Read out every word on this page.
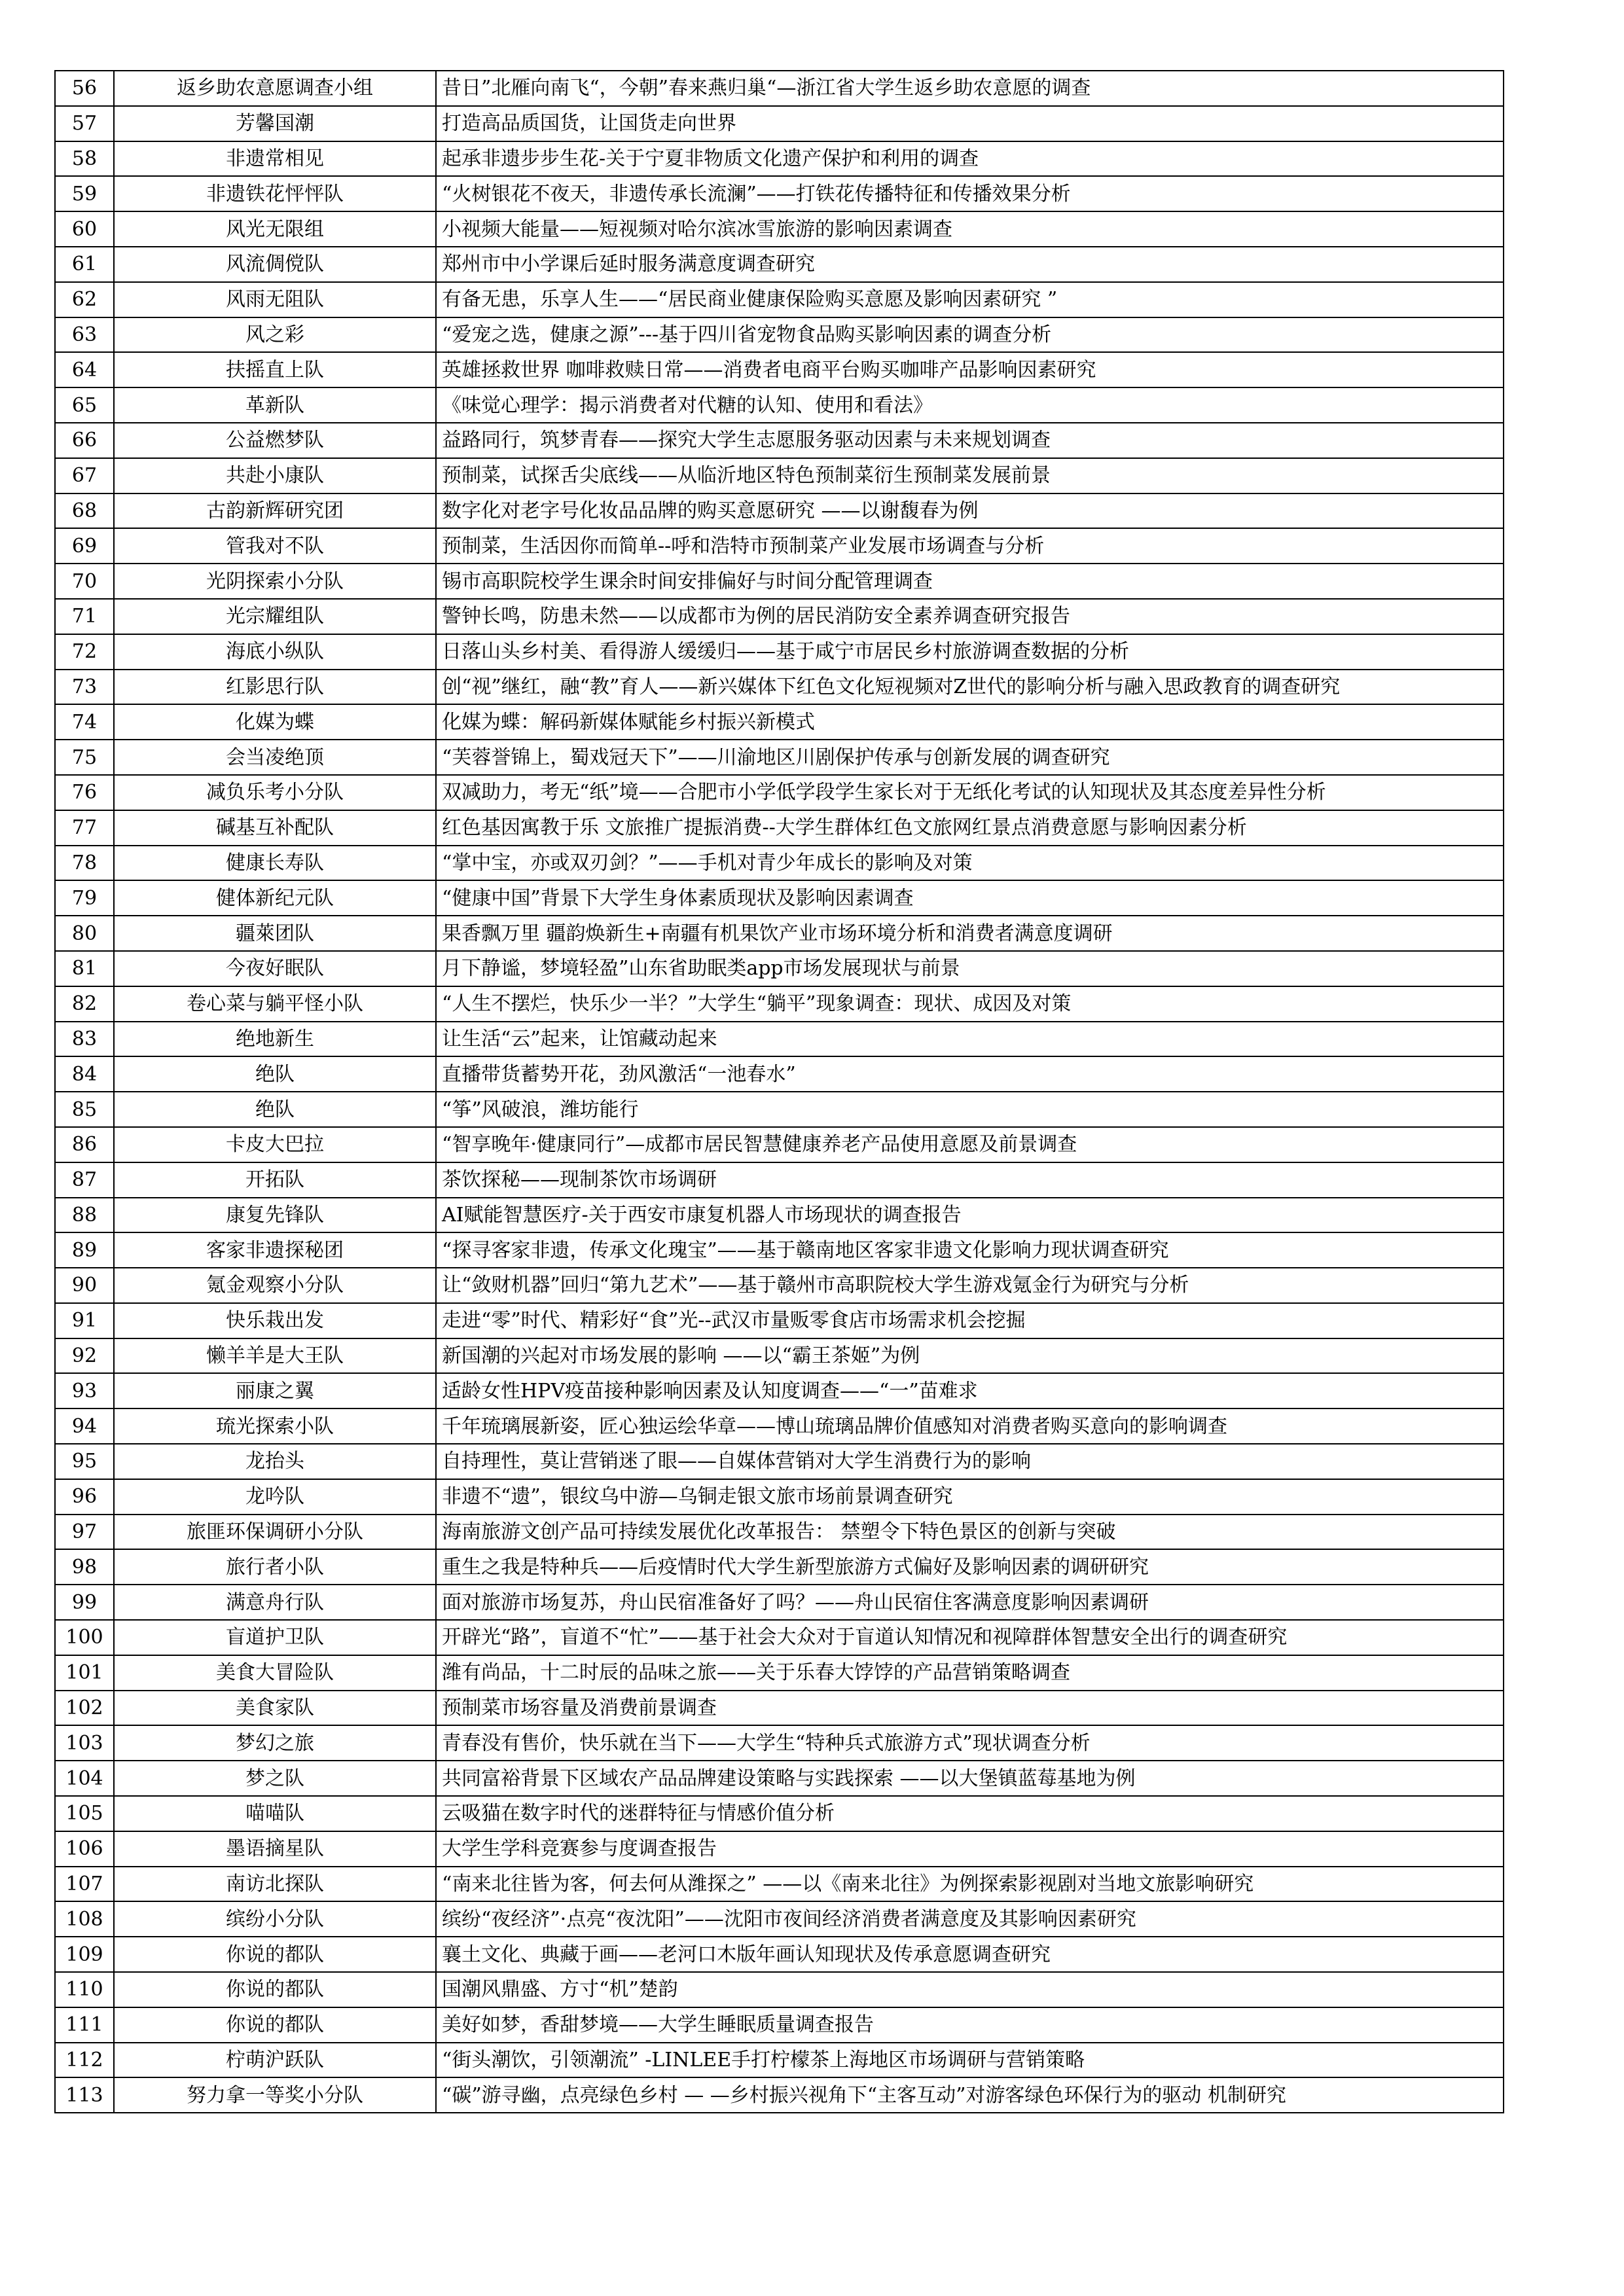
56	返乡助农意愿调查小组	昔日”北雁向南飞“，今朝”春来燕归巢“—浙江省大学生返乡助农意愿的调查
57	芳馨国潮	打造高品质国货，让国货走向世界
58	非遗常相见	起承非遗步步生花-关于宁夏非物质文化遗产保护和利用的调查
59	非遗铁花怦怦队	“火树银花不夜天，非遗传承长流澜”——打铁花传播特征和传播效果分析
60	风光无限组	小视频大能量——短视频对哈尔滨冰雪旅游的影响因素调查
61	风流倜傥队	郑州市中小学课后延时服务满意度调查研究
62	风雨无阻队	有备无患，乐享人生——“居民商业健康保险购买意愿及影响因素研究 ”
63	风之彩	“爱宠之选，健康之源”---基于四川省宠物食品购买影响因素的调查分析
64	扶摇直上队	英雄拯救世界 咖啡救赎日常——消费者电商平台购买咖啡产品影响因素研究
65	革新队	《味觉心理学：揭示消费者对代糖的认知、使用和看法》
66	公益燃梦队	益路同行，筑梦青春——探究大学生志愿服务驱动因素与未来规划调查
67	共赴小康队	预制菜，试探舌尖底线——从临沂地区特色预制菜衍生预制菜发展前景
68	古韵新辉研究团	数字化对老字号化妆品品牌的购买意愿研究 ——以谢馥春为例
69	管我对不队	预制菜，生活因你而简单--呼和浩特市预制菜产业发展市场调查与分析
70	光阴探索小分队	锡市高职院校学生课余时间安排偏好与时间分配管理调查
71	光宗耀组队	警钟长鸣，防患未然——以成都市为例的居民消防安全素养调查研究报告
72	海底小纵队	日落山头乡村美、看得游人缓缓归——基于咸宁市居民乡村旅游调查数据的分析
73	红影思行队	创“视”继红，融“教”育人——新兴媒体下红色文化短视频对Z世代的影响分析与融入思政教育的调查研究
74	化媒为蝶	化媒为蝶：解码新媒体赋能乡村振兴新模式
75	会当凌绝顶	“芙蓉誉锦上，蜀戏冠天下”——川渝地区川剧保护传承与创新发展的调查研究
76	减负乐考小分队	双减助力，考无“纸”境——合肥市小学低学段学生家长对于无纸化考试的认知现状及其态度差异性分析
77	碱基互补配队	红色基因寓教于乐 文旅推广提振消费--大学生群体红色文旅网红景点消费意愿与影响因素分析
78	健康长寿队	“掌中宝，亦或双刃剑？”——手机对青少年成长的影响及对策
79	健体新纪元队	“健康中国”背景下大学生身体素质现状及影响因素调查
80	疆萊团队	果香飘万里 疆韵焕新生+南疆有机果饮产业市场环境分析和消费者满意度调研
81	今夜好眠队	月下静谧，梦境轻盈”山东省助眠类app市场发展现状与前景
82	卷心菜与躺平怪小队	“人生不摆烂，快乐少一半？”大学生“躺平”现象调查：现状、成因及对策
83	绝地新生	让生活“云”起来，让馆藏动起来
84	绝队	直播带货蓄势开花，劲风激活“一池春水”
85	绝队	“筝”风破浪，潍坊能行
86	卡皮大巴拉	“智享晚年·健康同行”—成都市居民智慧健康养老产品使用意愿及前景调查
87	开拓队	茶饮探秘——现制茶饮市场调研
88	康复先锋队	AI赋能智慧医疗-关于西安市康复机器人市场现状的调查报告
89	客家非遗探秘团	“探寻客家非遗，传承文化瑰宝”——基于赣南地区客家非遗文化影响力现状调查研究
90	氪金观察小分队	让“敛财机器”回归“第九艺术”——基于赣州市高职院校大学生游戏氪金行为研究与分析
91	快乐栽出发	走进“零”时代、精彩好“食”光--武汉市量贩零食店市场需求机会挖掘
92	懒羊羊是大王队	新国潮的兴起对市场发展的影响 ——以“霸王茶姬”为例
93	丽康之翼	适龄女性HPV疫苗接种影响因素及认知度调查——“一”苗难求
94	琉光探索小队	千年琉璃展新姿，匠心独运绘华章——博山琉璃品牌价值感知对消费者购买意向的影响调查
95	龙抬头	自持理性，莫让营销迷了眼——自媒体营销对大学生消费行为的影响
96	龙吟队	非遗不“遗”，银纹乌中游—乌铜走银文旅市场前景调查研究
97	旅匪环保调研小分队	海南旅游文创产品可持续发展优化改革报告： 禁塑令下特色景区的创新与突破
98	旅行者小队	重生之我是特种兵——后疫情时代大学生新型旅游方式偏好及影响因素的调研研究
99	满意舟行队	面对旅游市场复苏，舟山民宿准备好了吗？——舟山民宿住客满意度影响因素调研
100	盲道护卫队	开辟光“路”，盲道不“忙”——基于社会大众对于盲道认知情况和视障群体智慧安全出行的调查研究
101	美食大冒险队	潍有尚品，十二时辰的品味之旅——关于乐春大饽饽的产品营销策略调查
102	美食家队	预制菜市场容量及消费前景调查
103	梦幻之旅	青春没有售价，快乐就在当下——大学生“特种兵式旅游方式”现状调查分析
104	梦之队	共同富裕背景下区域农产品品牌建设策略与实践探索 ——以大堡镇蓝莓基地为例
105	喵喵队	云吸猫在数字时代的迷群特征与情感价值分析
106	墨语摘星队	大学生学科竞赛参与度调查报告
107	南访北探队	“南来北往皆为客，何去何从潍探之” ——以《南来北往》为例探索影视剧对当地文旅影响研究
108	缤纷小分队	缤纷“夜经济”·点亮“夜沈阳”——沈阳市夜间经济消费者满意度及其影响因素研究
109	你说的都队	襄土文化、典藏于画——老河口木版年画认知现状及传承意愿调查研究
110	你说的都队	国潮风鼎盛、方寸“机”楚韵
111	你说的都队	美好如梦，香甜梦境——大学生睡眠质量调查报告
112	柠萌沪跃队	“街头潮饮，引领潮流” -LINLEE手打柠檬茶上海地区市场调研与营销策略
113	努力拿一等奖小分队	“碳”游寻幽，点亮绿色乡村 — —乡村振兴视角下“主客互动”对游客绿色环保行为的驱动 机制研究
